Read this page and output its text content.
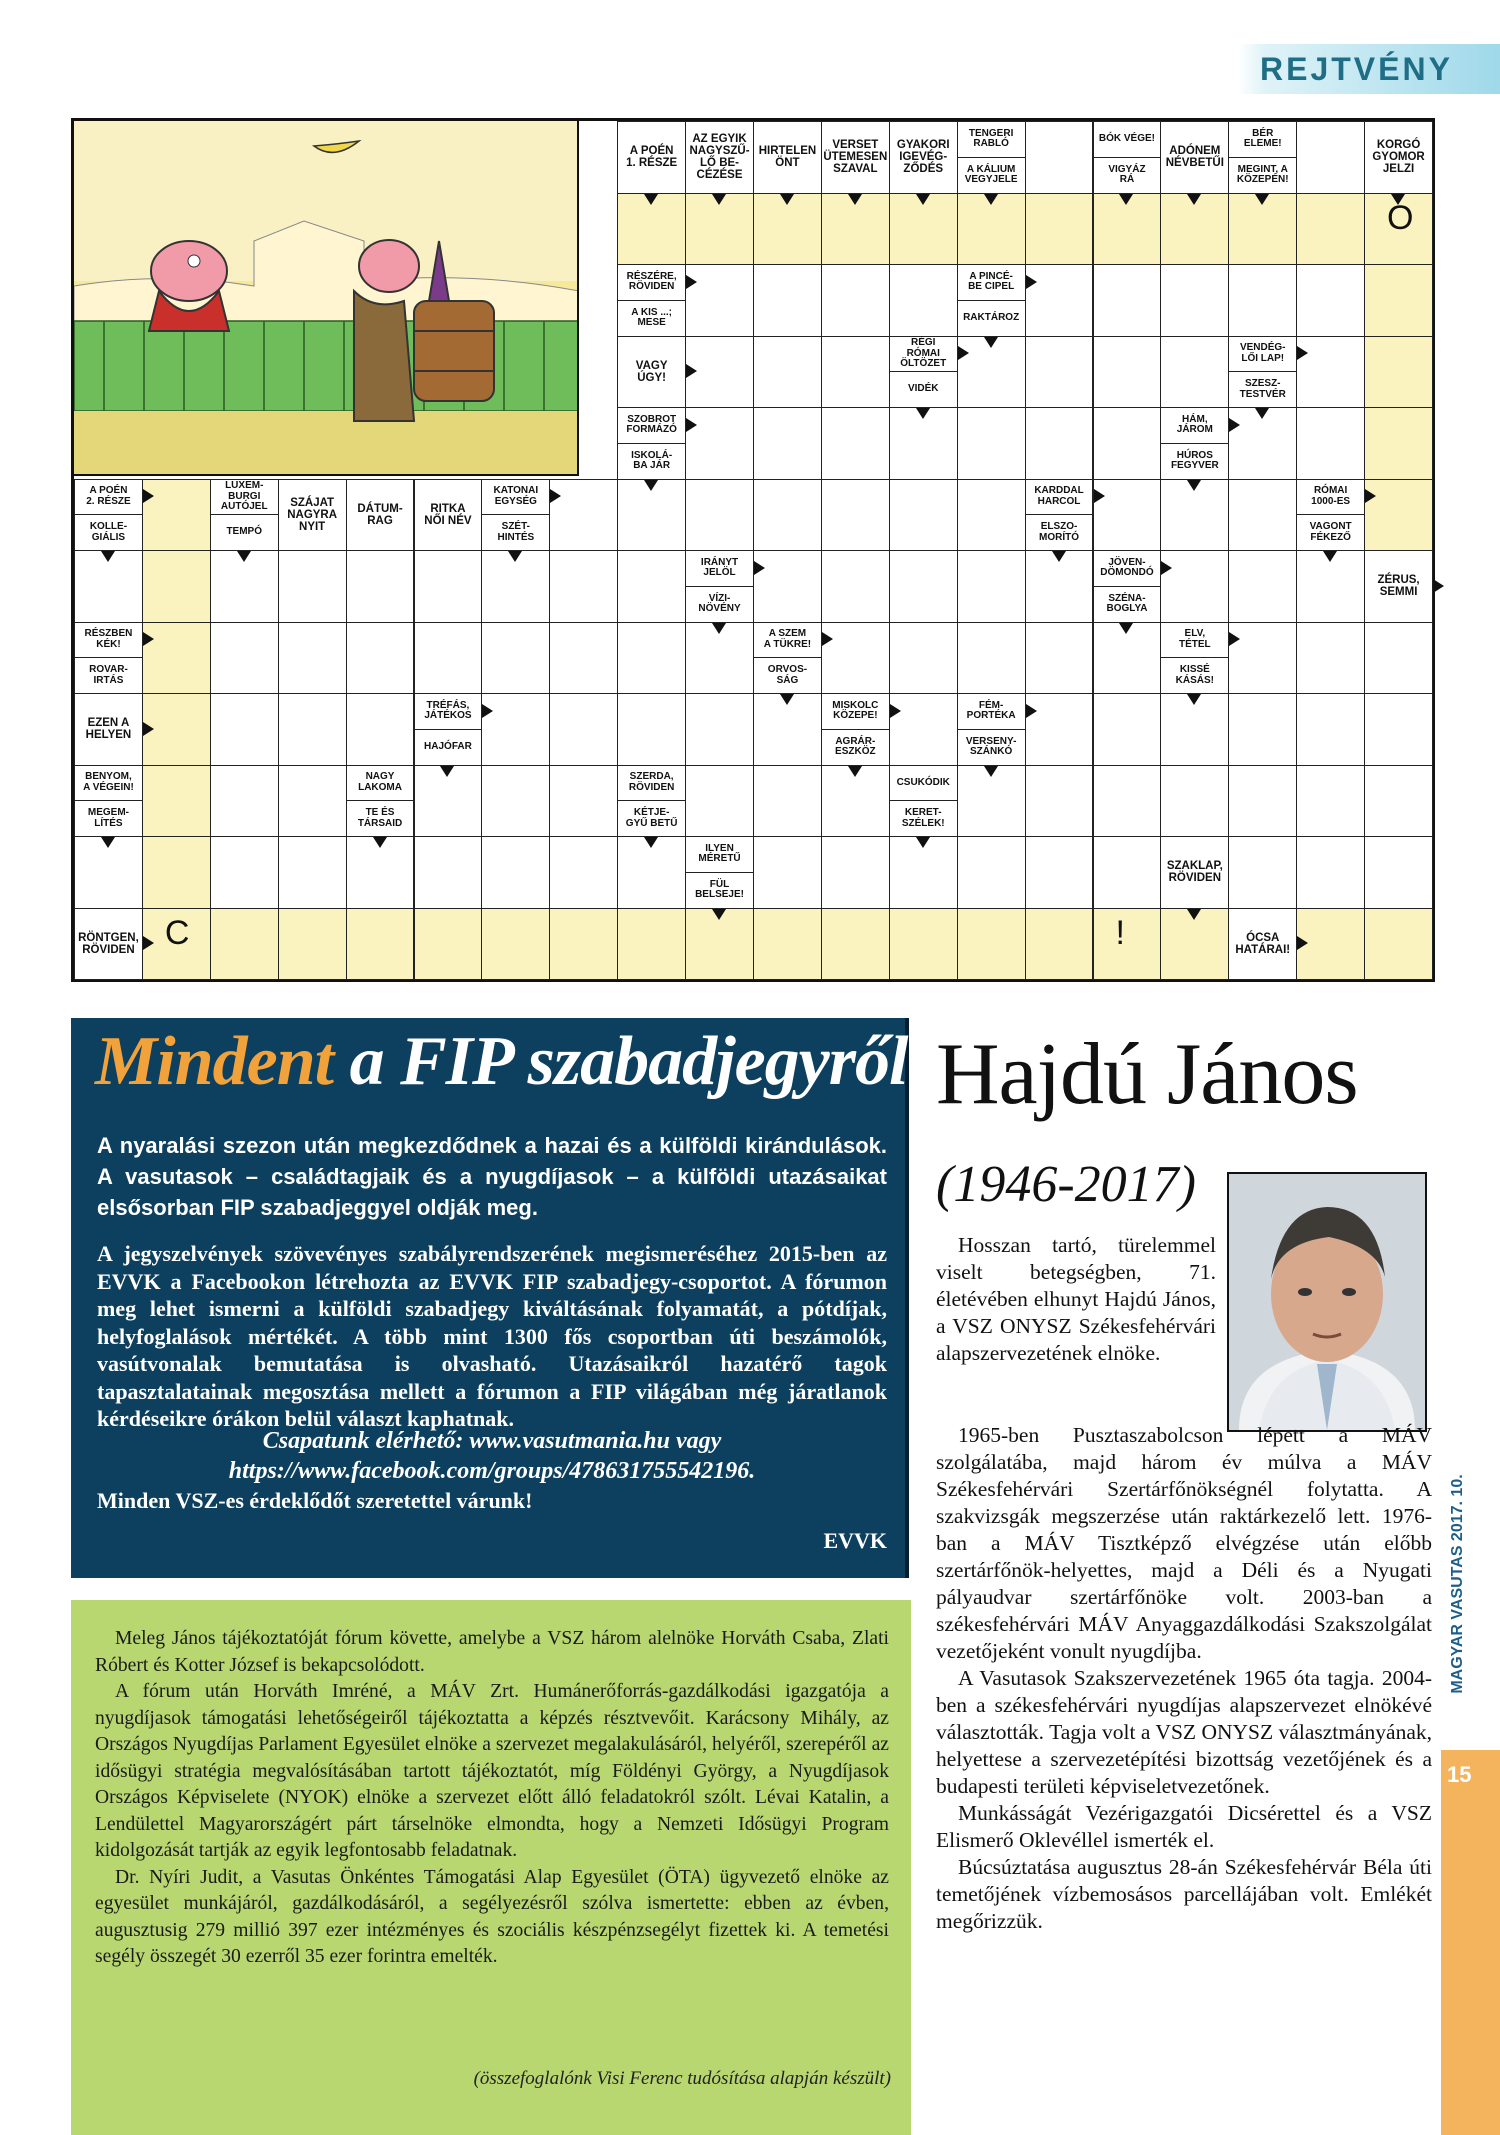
REJTVÉNY
A POÉN
1. RÉSZE
AZ EGYIK
NAGYSZŰ-
LŐ BE-
CÉZÉSE
HIRTELEN
ÖNT
VERSET
ÜTEMESEN
SZAVAL
GYAKORI
IGEVÉG-
ZŐDÉS
TENGERI
RABLÓ
A KÁLIUM
VEGYJELE
BÓK VÉGE!
VIGYÁZ
RÁ
ADÓNEM
NÉVBETŰI
BÉR
ELEME!
MEGINT, A
KÖZEPÉN!
KORGÓ
GYOMOR
JELZI
RÉSZÉRE,
RÖVIDEN
A KIS ...;
MESE
A PINCÉ-
BE CIPEL
RAKTÁROZ
VAGY
ÚGY!
RÉGI
RÓMAI
ÖLTÖZET
VIDÉK
VENDÉG-
LŐI LAP!
SZESZ-
TESTVÉR
SZOBROT
FORMÁZÓ
ISKOLÁ-
BA JÁR
HÁM,
JÁROM
HÚROS
FEGYVER
A POÉN
2. RÉSZE
KOLLE-
GIÁLIS
LUXEM-
BURGI
AUTÓJEL
TEMPÓ
SZÁJAT
NAGYRA
NYIT
DÁTUM-
RAG
RITKA
NŐI NÉV
KATONAI
EGYSÉG
SZÉT-
HINTÉS
KARDDAL
HARCOL
ELSZO-
MORÍTÓ
RÓMAI
1000-ES
VAGONT
FÉKEZŐ
IRÁNYT
JELÖL
VÍZI-
NÖVÉNY
JÖVEN-
DÖMONDÓ
SZÉNA-
BOGLYA
ZÉRUS,
SEMMI
RÉSZBEN
KÉK!
ROVAR-
IRTÁS
A SZEM
A TÜKRE!
ORVOS-
SÁG
ELV,
TÉTEL
KISSÉ
KÁSÁS!
EZEN A
HELYEN
TRÉFÁS,
JÁTÉKOS
HAJÓFAR
MISKOLC
KÖZEPE!
AGRÁR-
ESZKÖZ
FÉM-
PORTÉKA
VERSENY-
SZÁNKÓ
BENYOM,
A VÉGEIN!
MEGEM-
LÍTÉS
NAGY
LAKOMA
TE ÉS
TÁRSAID
SZERDA,
RÖVIDEN
KÉTJE-
GYŰ BETŰ
CSUKÓDIK
KERET-
SZÉLEK!
ILYEN
MÉRETŰ
FÜL
BELSEJE!
SZAKLAP,
RÖVIDEN
RÖNTGEN,
RÖVIDEN
ÓCSA
HATÁRAI!
O
C	!
Mindent a FIP szabadjegyről
A nyaralási szezon után megkezdődnek a hazai és a külföldi kirándulások. A vasutasok – családtagjaik és a nyugdíjasok – a külföldi utazásaikat elsősorban FIP szabadjeggyel oldják meg.
A jegyszelvények szövevényes szabályrendszerének megismeréséhez 2015-ben az EVVK a Facebookon létrehozta az EVVK FIP szabadjegy-csoportot. A fórumon meg lehet ismerni a külföldi szabadjegy kiváltásának folyamatát, a pótdíjak, helyfoglalások mértékét. A több mint 1300 fős csoportban úti beszámolók, vasútvonalak bemutatása is olvasható. Utazásaikról hazatérő tagok tapasztalatainak megosztása mellett a fórumon a FIP világában még járatlanok kérdéseikre órákon belül választ kaphatnak.
Csapatunk elérhető: www.vasutmania.hu vagy
https://www.facebook.com/groups/478631755542196.
Minden VSZ-es érdeklődőt szeretettel várunk!
EVVK

Meleg János tájékoztatóját fórum követte, amelybe a VSZ három alelnöke Horváth Csaba, Zlati Róbert és Kotter József is bekapcsolódott.

A fórum után Horváth Imréné, a MÁV Zrt. Humánerőforrás-gazdálkodási igazgatója a nyugdíjasok támogatási lehetőségeiről tájékoztatta a képzés résztvevőit. Karácsony Mihály, az Országos Nyugdíjas Parlament Egyesület elnöke a szervezet megalakulásáról, helyéről, szerepéről az idősügyi stratégia megvalósításában tartott tájékoztatót, míg Földényi György, a Nyugdíjasok Országos Képviselete (NYOK) elnöke a szervezet előtt álló feladatokról szólt. Lévai Katalin, a Lendülettel Magyarországért párt társelnöke elmondta, hogy a Nemzeti Idősügyi Program kidolgozását tartják az egyik legfontosabb feladatnak.

Dr. Nyíri Judit, a Vasutas Önkéntes Támogatási Alap Egyesület (ÖTA) ügyvezető elnöke az egyesület munkájáról, gazdálkodásáról, a segélyezésről szólva ismertette: ebben az évben, augusztusig 279 millió 397 ezer intézményes és szociális készpénzsegélyt fizettek ki. A temetési segély összegét 30 ezerről 35 ezer forintra emelték.

(összefoglalónk Visi Ferenc tudósítása alapján készült)
Hajdú János
(1946-2017)

Hosszan tartó, türelemmel viselt betegségben, 71. életévében elhunyt Hajdú János, a VSZ ONYSZ Székesfehérvári alapszervezetének elnöke.

1965-ben Pusztaszabolcson lépett a MÁV szolgálatába, majd három év múlva a MÁV Székesfehérvári Szertárfőnökségnél folytatta. A szakvizsgák megszerzése után raktárkezelő lett. 1976-ban a MÁV Tisztképző elvégzése után előbb szertárfőnök-helyettes, majd a Déli és a Nyugati pályaudvar szertárfőnöke volt. 2003-ban a székesfehérvári MÁV Anyaggazdálkodási Szakszolgálat vezetőjeként vonult nyugdíjba.

A Vasutasok Szakszervezetének 1965 óta tagja. 2004-ben a székesfehérvári nyugdíjas alapszervezet elnökévé választották. Tagja volt a VSZ ONYSZ választmányának, helyettese a szervezetépítési bizottság vezetőjének és a budapesti területi képviseletvezetőnek.

Munkásságát Vezérigazgatói Dicsérettel és a VSZ Elismerő Oklevéllel ismerték el.

Búcsúztatása augusztus 28-án Székesfehérvár Béla úti temetőjének vízbemosásos parcellájában volt. Emlékét megőrizzük.

MAGYAR VASUTAS 2017. 10.
15
